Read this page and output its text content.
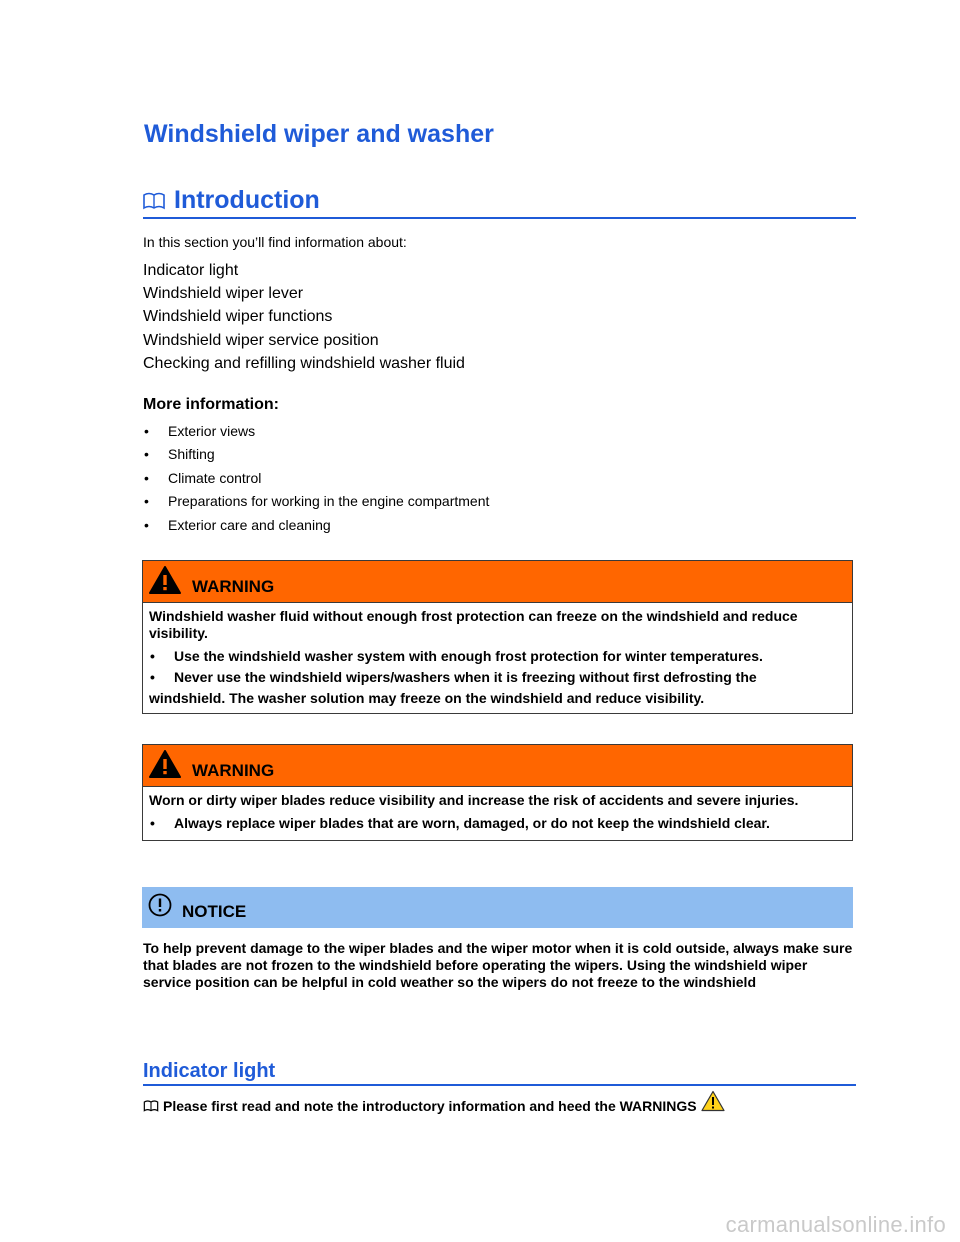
Windshield wiper and washer
Introduction
In this section you’ll find information about:
Indicator light
Windshield wiper lever
Windshield wiper functions
Windshield wiper service position
Checking and refilling windshield washer fluid
More information:
•	Exterior views
•	Shifting
•	Climate control
•	Preparations for working in the engine compartment
•	Exterior care and cleaning
WARNING

Windshield washer fluid without enough frost protection can freeze on the windshield and reduce visibility.

•	Use the windshield washer system with enough frost protection for winter temperatures.
•	Never use the windshield wipers/washers when it is freezing without first defrosting the
windshield. The washer solution may freeze on the windshield and reduce visibility.
WARNING

Worn or dirty wiper blades reduce visibility and increase the risk of accidents and severe injuries.

•	Always replace wiper blades that are worn, damaged, or do not keep the windshield clear.
NOTICE
To help prevent damage to the wiper blades and the wiper motor when it is cold outside, always make sure that blades are not frozen to the windshield before operating the wipers. Using the windshield wiper service position can be helpful in cold weather so the wipers do not freeze to the windshield
Indicator light
Please first read and note the introductory information and heed the WARNINGS
carmanualsonline.info
